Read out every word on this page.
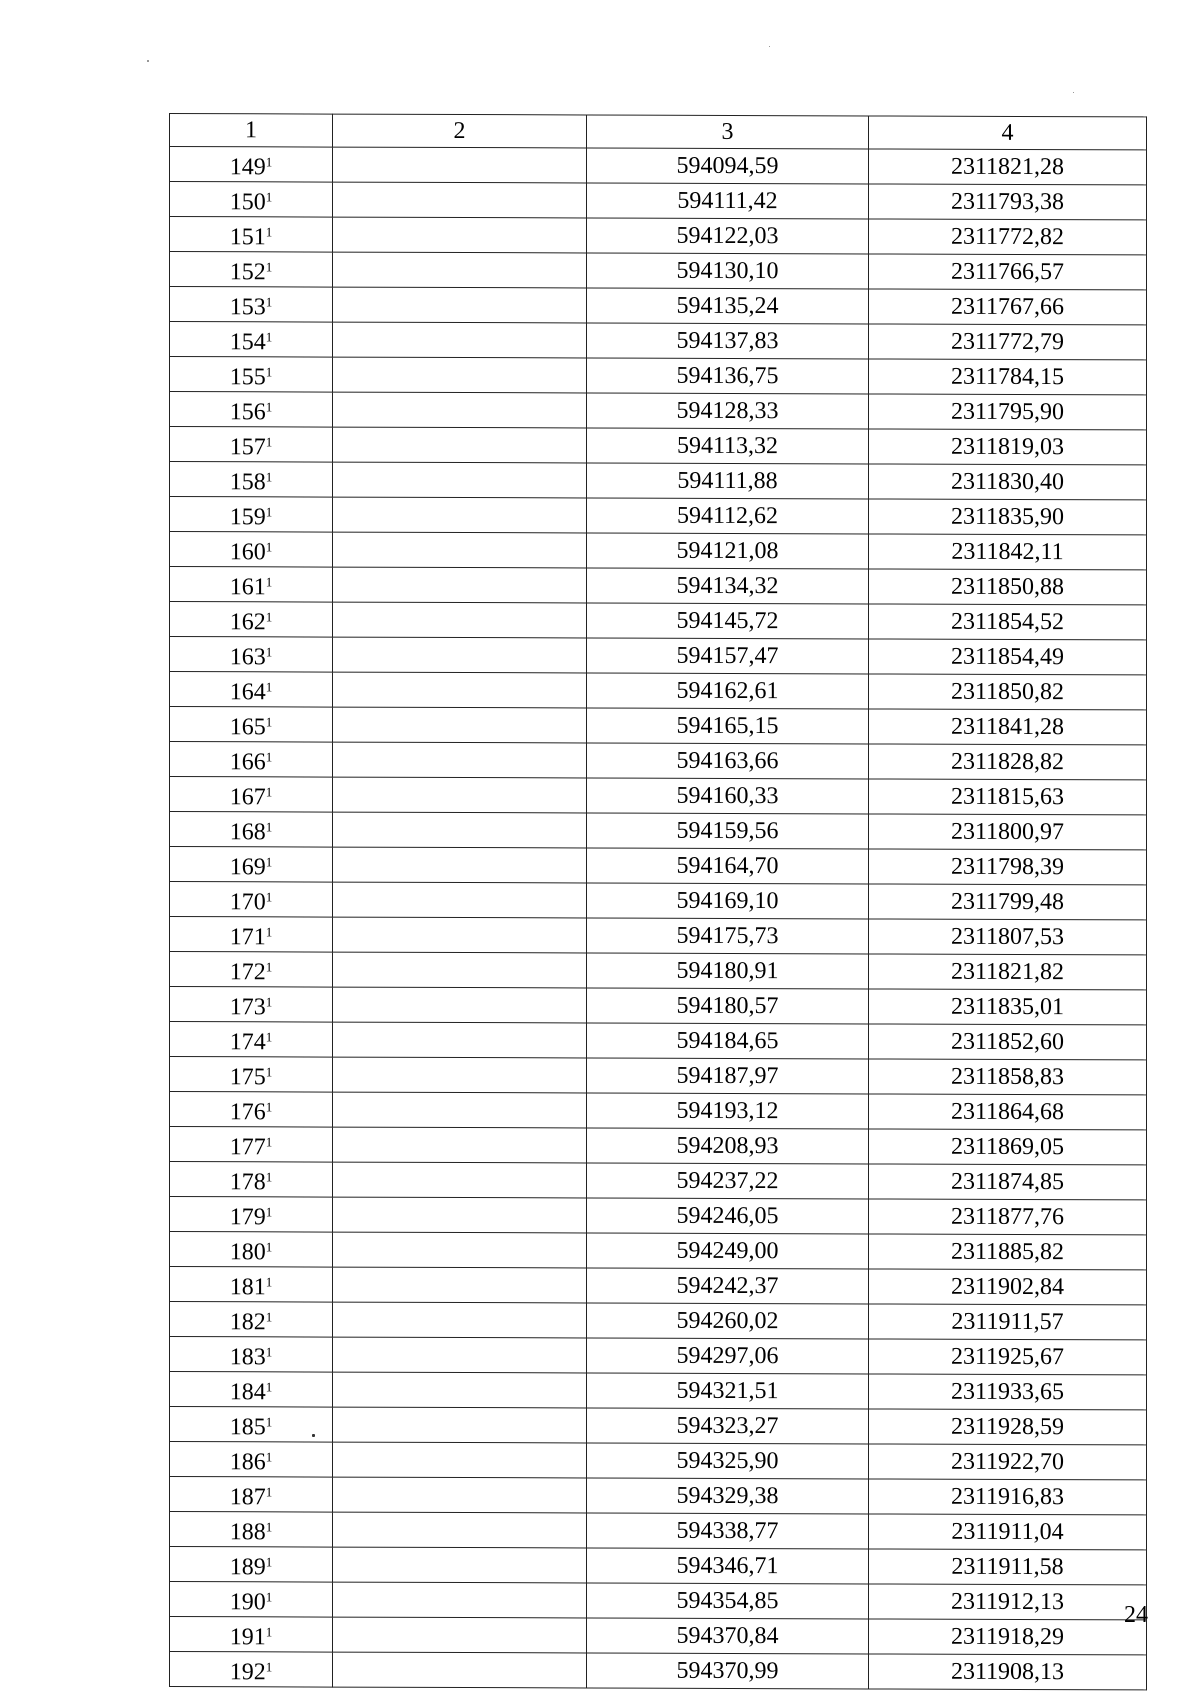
1	2	3	4
$149^1$		594094,59	2311821,28
$150^1$		594111,42	2311793,38
$151^1$		594122,03	2311772,82
$152^1$		594130,10	2311766,57
$153^1$		594135,24	2311767,66
$154^1$		594137,83	2311772,79
$155^1$		594136,75	2311784,15
$156^1$		594128,33	2311795,90
$157^1$		594113,32	2311819,03
$158^1$		594111,88	2311830,40
$159^1$		594112,62	2311835,90
$160^1$		594121,08	2311842,11
$161^1$		594134,32	2311850,88
$162^1$		594145,72	2311854,52
$163^1$		594157,47	2311854,49
$164^1$		594162,61	2311850,82
$165^1$		594165,15	2311841,28
$166^1$		594163,66	2311828,82
$167^1$		594160,33	2311815,63
$168^1$		594159,56	2311800,97
$169^1$		594164,70	2311798,39
$170^1$		594169,10	2311799,48
$171^1$		594175,73	2311807,53
$172^1$		594180,91	2311821,82
$173^1$		594180,57	2311835,01
$174^1$		594184,65	2311852,60
$175^1$		594187,97	2311858,83
$176^1$		594193,12	2311864,68
$177^1$		594208,93	2311869,05
$178^1$		594237,22	2311874,85
$179^1$		594246,05	2311877,76
$180^1$		594249,00	2311885,82
$181^1$		594242,37	2311902,84
$182^1$		594260,02	2311911,57
$183^1$		594297,06	2311925,67
$184^1$		594321,51	2311933,65
$185^1$		594323,27	2311928,59
$186^1$		594325,90	2311922,70
$187^1$		594329,38	2311916,83
$188^1$		594338,77	2311911,04
$189^1$		594346,71	2311911,58
$190^1$		594354,85	2311912,13
$191^1$		594370,84	2311918,29
$192^1$		594370,99	2311908,13
24
